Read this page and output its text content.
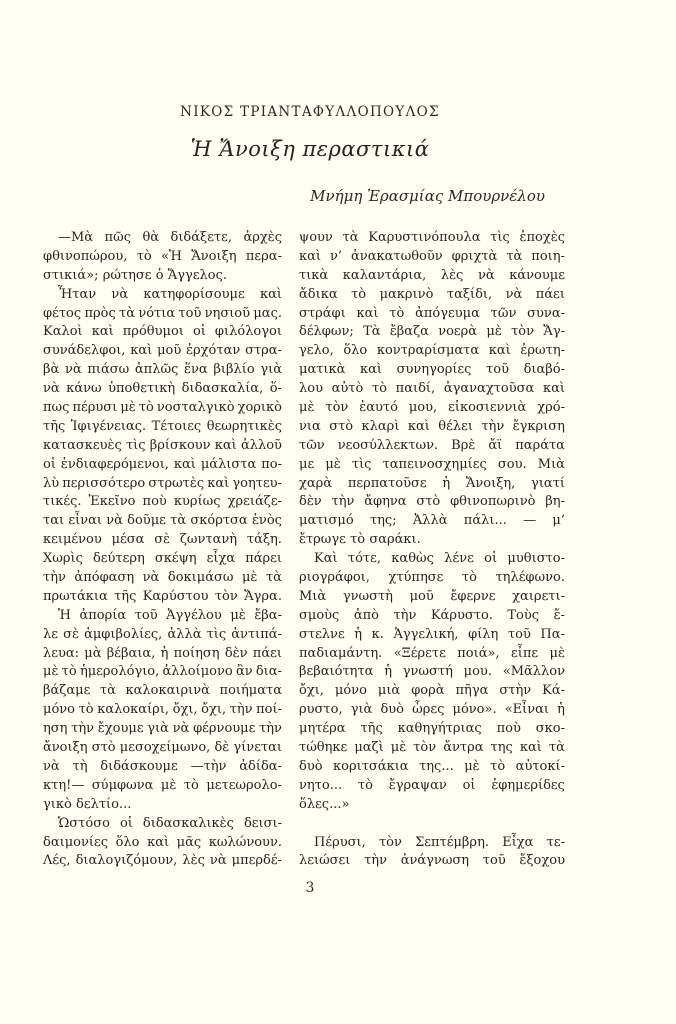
ΝΙΚΟΣ ΤΡΙΑΝΤΑΦΥΛΛΟΠΟΥΛΟΣ
Ἡ Ἄνοιξη περαστικιά
Μνήμη Ἐρασμίας Μπουρνέλου
—Μὰ πῶς θὰ διδάξετε, ἀρχὲς
φθινοπώρου, τὸ «Ἡ Ἄνοιξη περα-
στικιά»; ρώτησε ὁ Ἄγγελος.
Ἦταν νὰ κατηφορίσουμε καὶ
φέτος πρὸς τὰ νότια τοῦ νησιοῦ μας.
Καλοὶ καὶ πρόθυμοι οἱ φιλόλογοι
συνάδελφοι, καὶ μοῦ ἐρχόταν στρα-
βὰ νὰ πιάσω ἁπλῶς ἕνα βιβλίο γιὰ
νὰ κάνω ὑποθετικὴ διδασκαλία, ὅ-
πως πέρυσι μὲ τὸ νοσταλγικὸ χορικὸ
τῆς Ἰφιγένειας. Τέτοιες θεωρητικὲς
κατασκευὲς τὶς βρίσκουν καὶ ἀλλοῦ
οἱ ἐνδιαφερόμενοι, καὶ μάλιστα πο-
λὺ περισσότερο στρωτὲς καὶ γοητευ-
τικές. Ἐκεῖνο ποὺ κυρίως χρειάζε-
ται εἶναι νὰ δοῦμε τὰ σκόρτσα ἑνὸς
κειμένου μέσα σὲ ζωντανὴ τάξη.
Χωρὶς δεύτερη σκέψη εἶχα πάρει
τὴν ἀπόφαση νὰ δοκιμάσω μὲ τὰ
πρωτάκια τῆς Καρύστου τὸν Ἄγρα.
Ἡ ἀπορία τοῦ Ἀγγέλου μὲ ἔβα-
λε σὲ ἀμφιβολίες, ἀλλὰ τὶς ἀντιπά-
λευα: μὰ βέβαια, ἡ ποίηση δὲν πάει
μὲ τὸ ἡμερολόγιο, ἀλλοίμονο ἂν δια-
βάζαμε τὰ καλοκαιρινὰ ποιήματα
μόνο τὸ καλοκαίρι, ὄχι, ὄχι, τὴν ποί-
ηση τὴν ἔχουμε γιὰ νὰ φέρνουμε τὴν
ἄνοιξη στὸ μεσοχείμωνο, δὲ γίνεται
νὰ τὴ διδάσκουμε —τὴν ἀδίδα-
κτη!— σύμφωνα μὲ τὸ μετεωρολο-
γικὸ δελτίο...
Ὡστόσο οἱ διδασκαλικὲς δεισι-
δαιμονίες ὅλο καὶ μᾶς κωλώνουν.
Λές, διαλογιζόμουν, λὲς νὰ μπερδέ-
ψουν τὰ Καρυστινόπουλα τὶς ἐποχὲς
καὶ ν’ ἀνακατωθοῦν φριχτὰ τὰ ποιη-
τικὰ καλαντάρια, λὲς νὰ κάνουμε
ἄδικα τὸ μακρινὸ ταξίδι, νὰ πάει
στράφι καὶ τὸ ἀπόγευμα τῶν συνα-
δέλφων; Τὰ ἔβαζα νοερὰ μὲ τὸν Ἄγ-
γελο, ὅλο κοντραρίσματα καὶ ἐρωτη-
ματικὰ καὶ συνηγορίες τοῦ διαβό-
λου αὐτὸ τὸ παιδί, ἀγαναχτοῦσα καὶ
μὲ τὸν ἑαυτό μου, εἰκοσιεννιὰ χρό-
νια στὸ κλαρὶ καὶ θέλει τὴν ἔγκριση
τῶν νεοσύλλεκτων. Βρὲ ἄϊ παράτα
με μὲ τὶς ταπεινοσχημίες σου. Μιὰ
χαρὰ περπατοῦσε ἡ Ἄνοιξη, γιατί
δὲν τὴν ἄφηνα στὸ φθινοπωρινὸ βη-
ματισμό της; Ἀλλὰ πάλι... — μ’
ἔτρωγε τὸ σαράκι.
Καὶ τότε, καθὼς λένε οἱ μυθιστο-
ριογράφοι, χτύπησε τὸ τηλέφωνο.
Μιὰ γνωστὴ μοῦ ἔφερνε χαιρετι-
σμοὺς ἀπὸ τὴν Κάρυστο. Τοὺς ἔ-
στελνε ἡ κ. Ἀγγελική, φίλη τοῦ Πα-
παδιαμάντη. «Ξέρετε ποιά», εἶπε μὲ
βεβαιότητα ἡ γνωστή μου. «Μᾶλλον
ὄχι, μόνο μιὰ φορὰ πῆγα στὴν Κά-
ρυστο, γιὰ δυὸ ὧρες μόνο». «Εἶναι ἡ
μητέρα τῆς καθηγήτριας ποὺ σκο-
τώθηκε μαζὶ μὲ τὸν ἄντρα της καὶ τὰ
δυὸ κοριτσάκια της... μὲ τὸ αὐτοκί-
νητο... τὸ ἔγραψαν οἱ ἐφημερίδες
ὅλες...»
Πέρυσι, τὸν Σεπτέμβρη. Εἶχα τε-
λειώσει τὴν ἀνάγνωση τοῦ ἔξοχου
3
